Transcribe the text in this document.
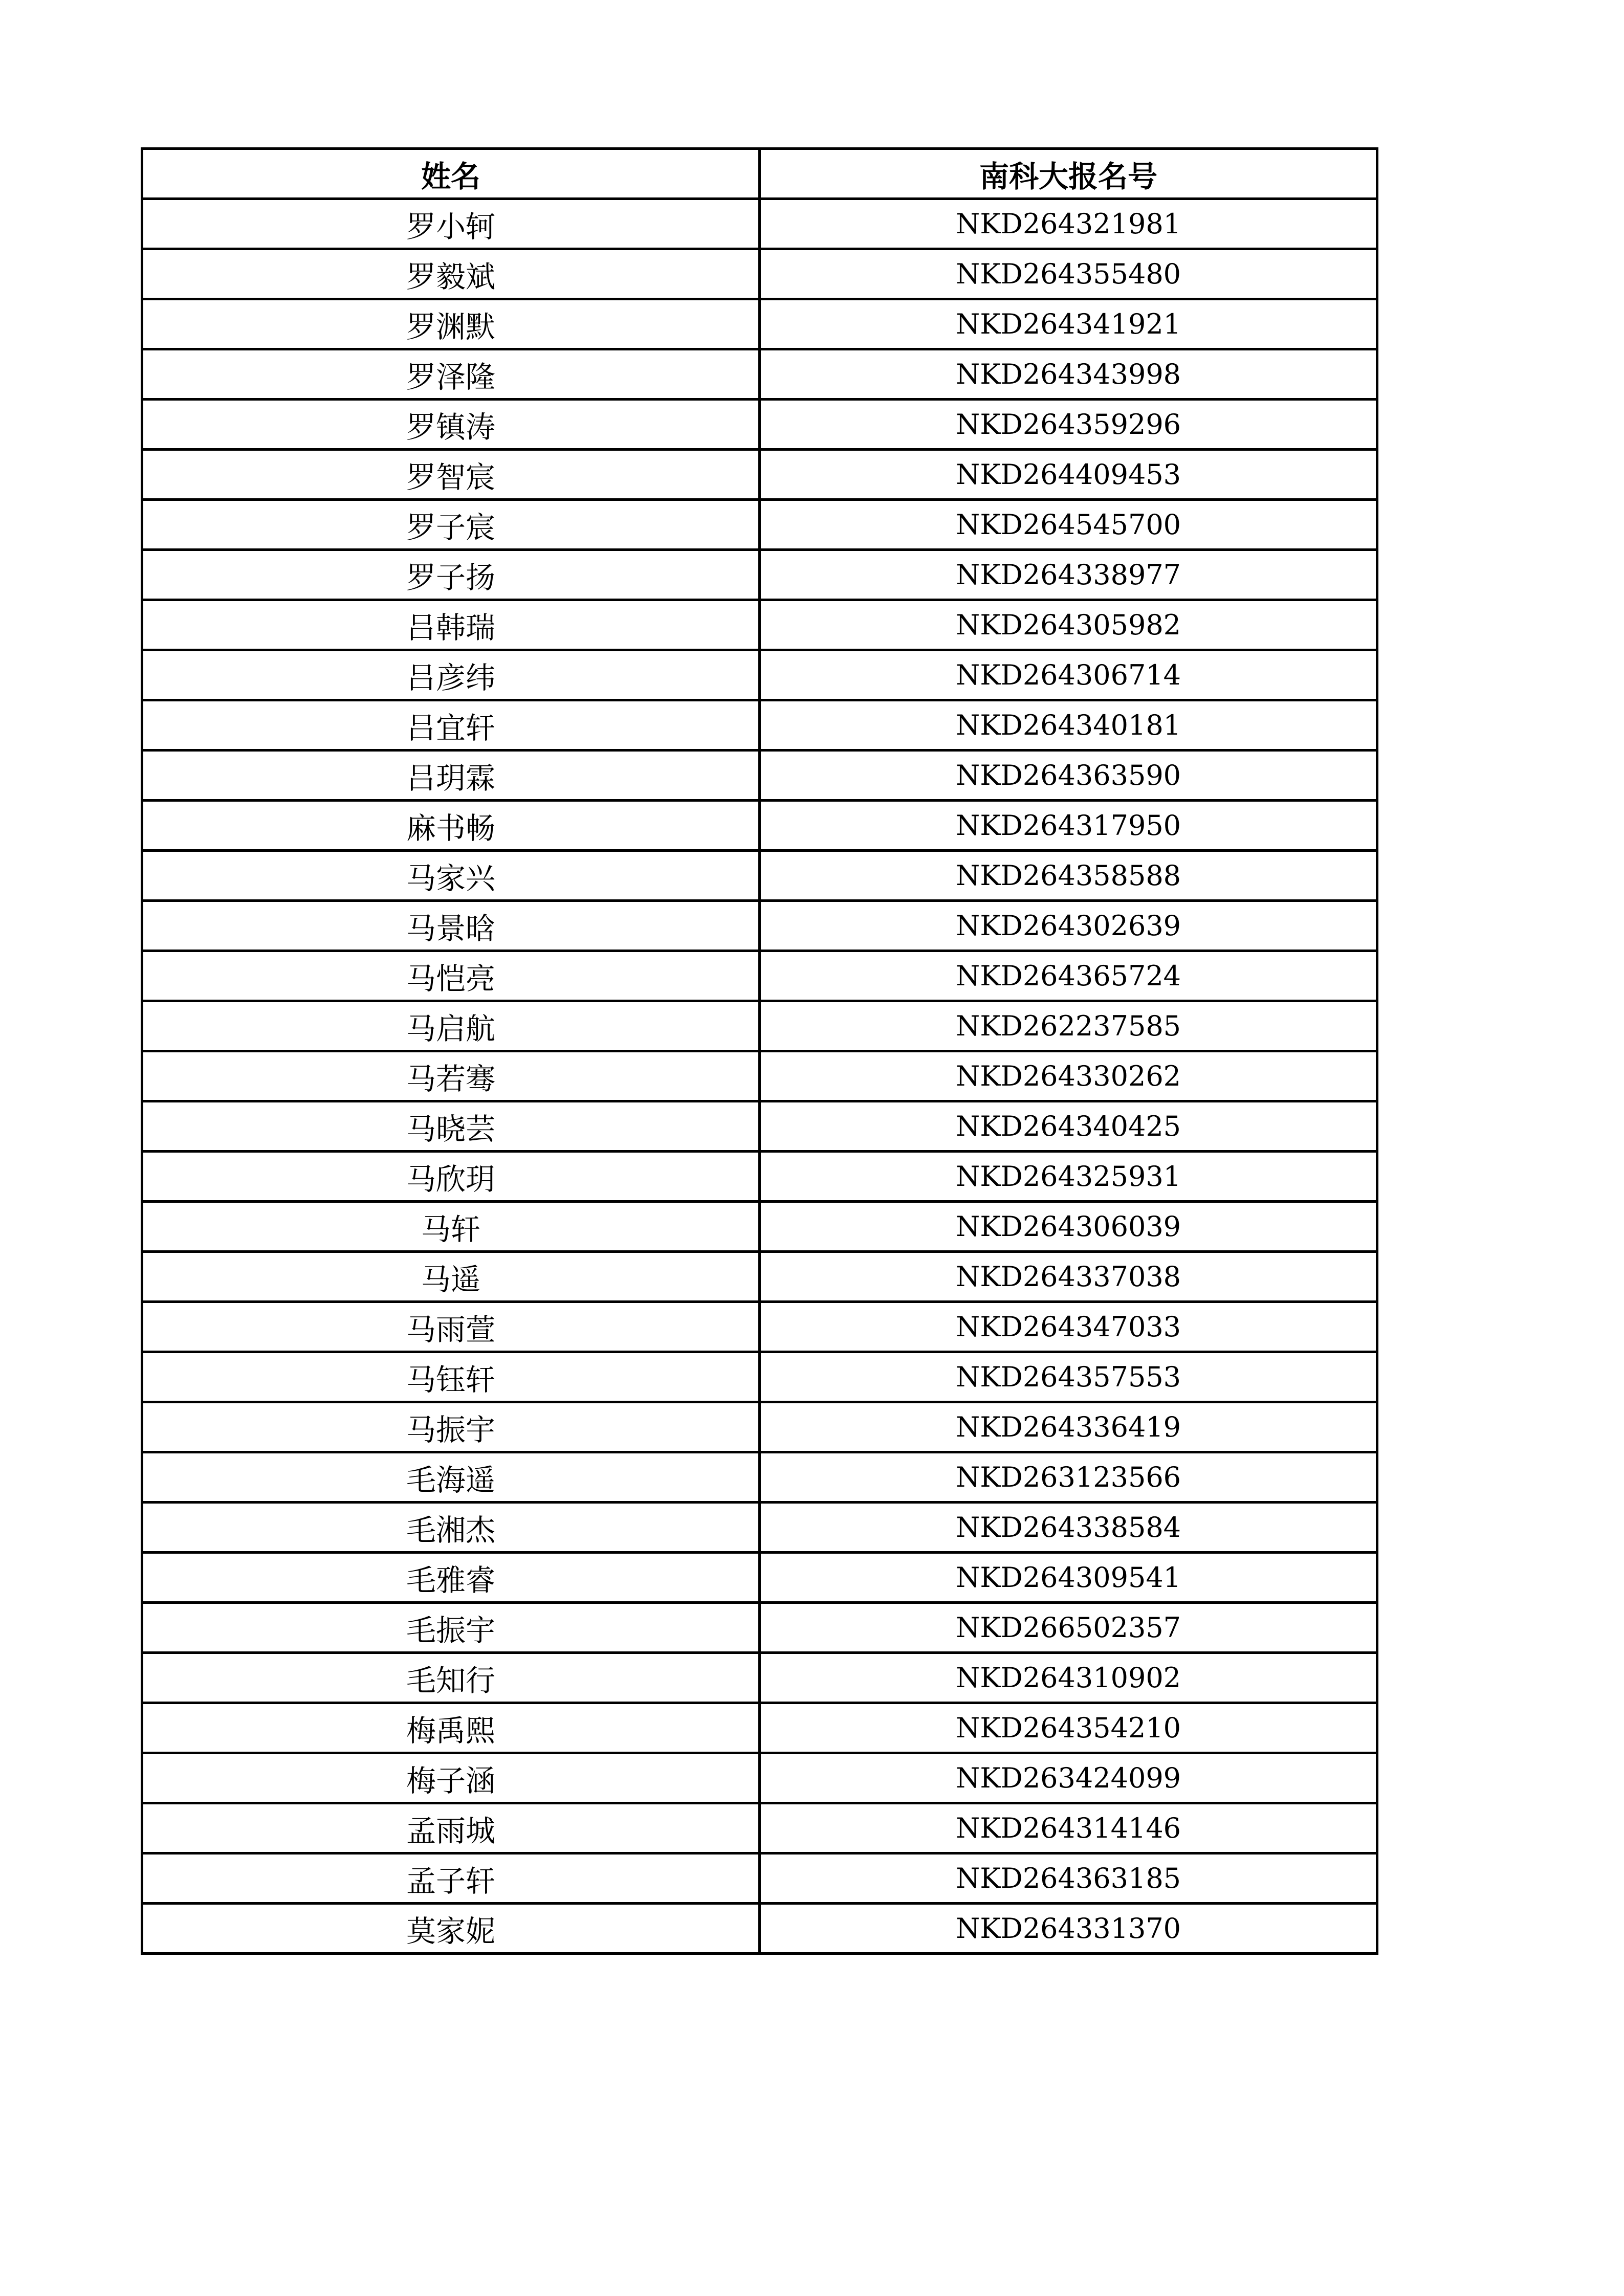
姓名	南科大报名号
罗小轲	NKD264321981
罗毅斌	NKD264355480
罗渊默	NKD264341921
罗泽隆	NKD264343998
罗镇涛	NKD264359296
罗智宸	NKD264409453
罗子宸	NKD264545700
罗子扬	NKD264338977
吕韩瑞	NKD264305982
吕彦纬	NKD264306714
吕宜轩	NKD264340181
吕玥霖	NKD264363590
麻书畅	NKD264317950
马家兴	NKD264358588
马景晗	NKD264302639
马恺亮	NKD264365724
马启航	NKD262237585
马若骞	NKD264330262
马晓芸	NKD264340425
马欣玥	NKD264325931
马轩	NKD264306039
马遥	NKD264337038
马雨萱	NKD264347033
马钰轩	NKD264357553
马振宇	NKD264336419
毛海遥	NKD263123566
毛湘杰	NKD264338584
毛雅睿	NKD264309541
毛振宇	NKD266502357
毛知行	NKD264310902
梅禹熙	NKD264354210
梅子涵	NKD263424099
孟雨城	NKD264314146
孟子轩	NKD264363185
莫家妮	NKD264331370
